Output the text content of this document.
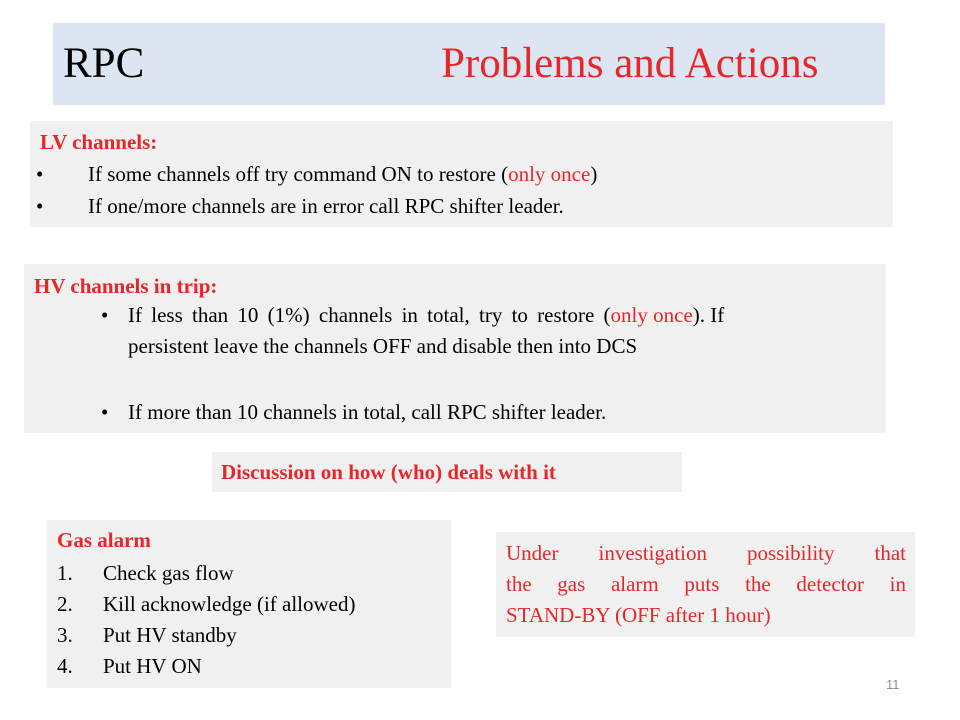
RPC	Problems and Actions
LV channels:
• If some channels off try command ON to restore (only once)
• If one/more channels are in error call RPC shifter leader.
HV channels in trip:
• If less than 10 (1%) channels in total, try to restore (only once). If
persistent leave the channels OFF and disable then into DCS
• If more than 10 channels in total, call RPC shifter leader.
Discussion on how (who) deals with it
Gas alarm
1. Check gas flow
2. Kill acknowledge (if allowed)
3. Put HV standby
4. Put HV ON
Under investigation possibility that
the gas alarm puts the detector in
STAND-BY (OFF after 1 hour)
11
